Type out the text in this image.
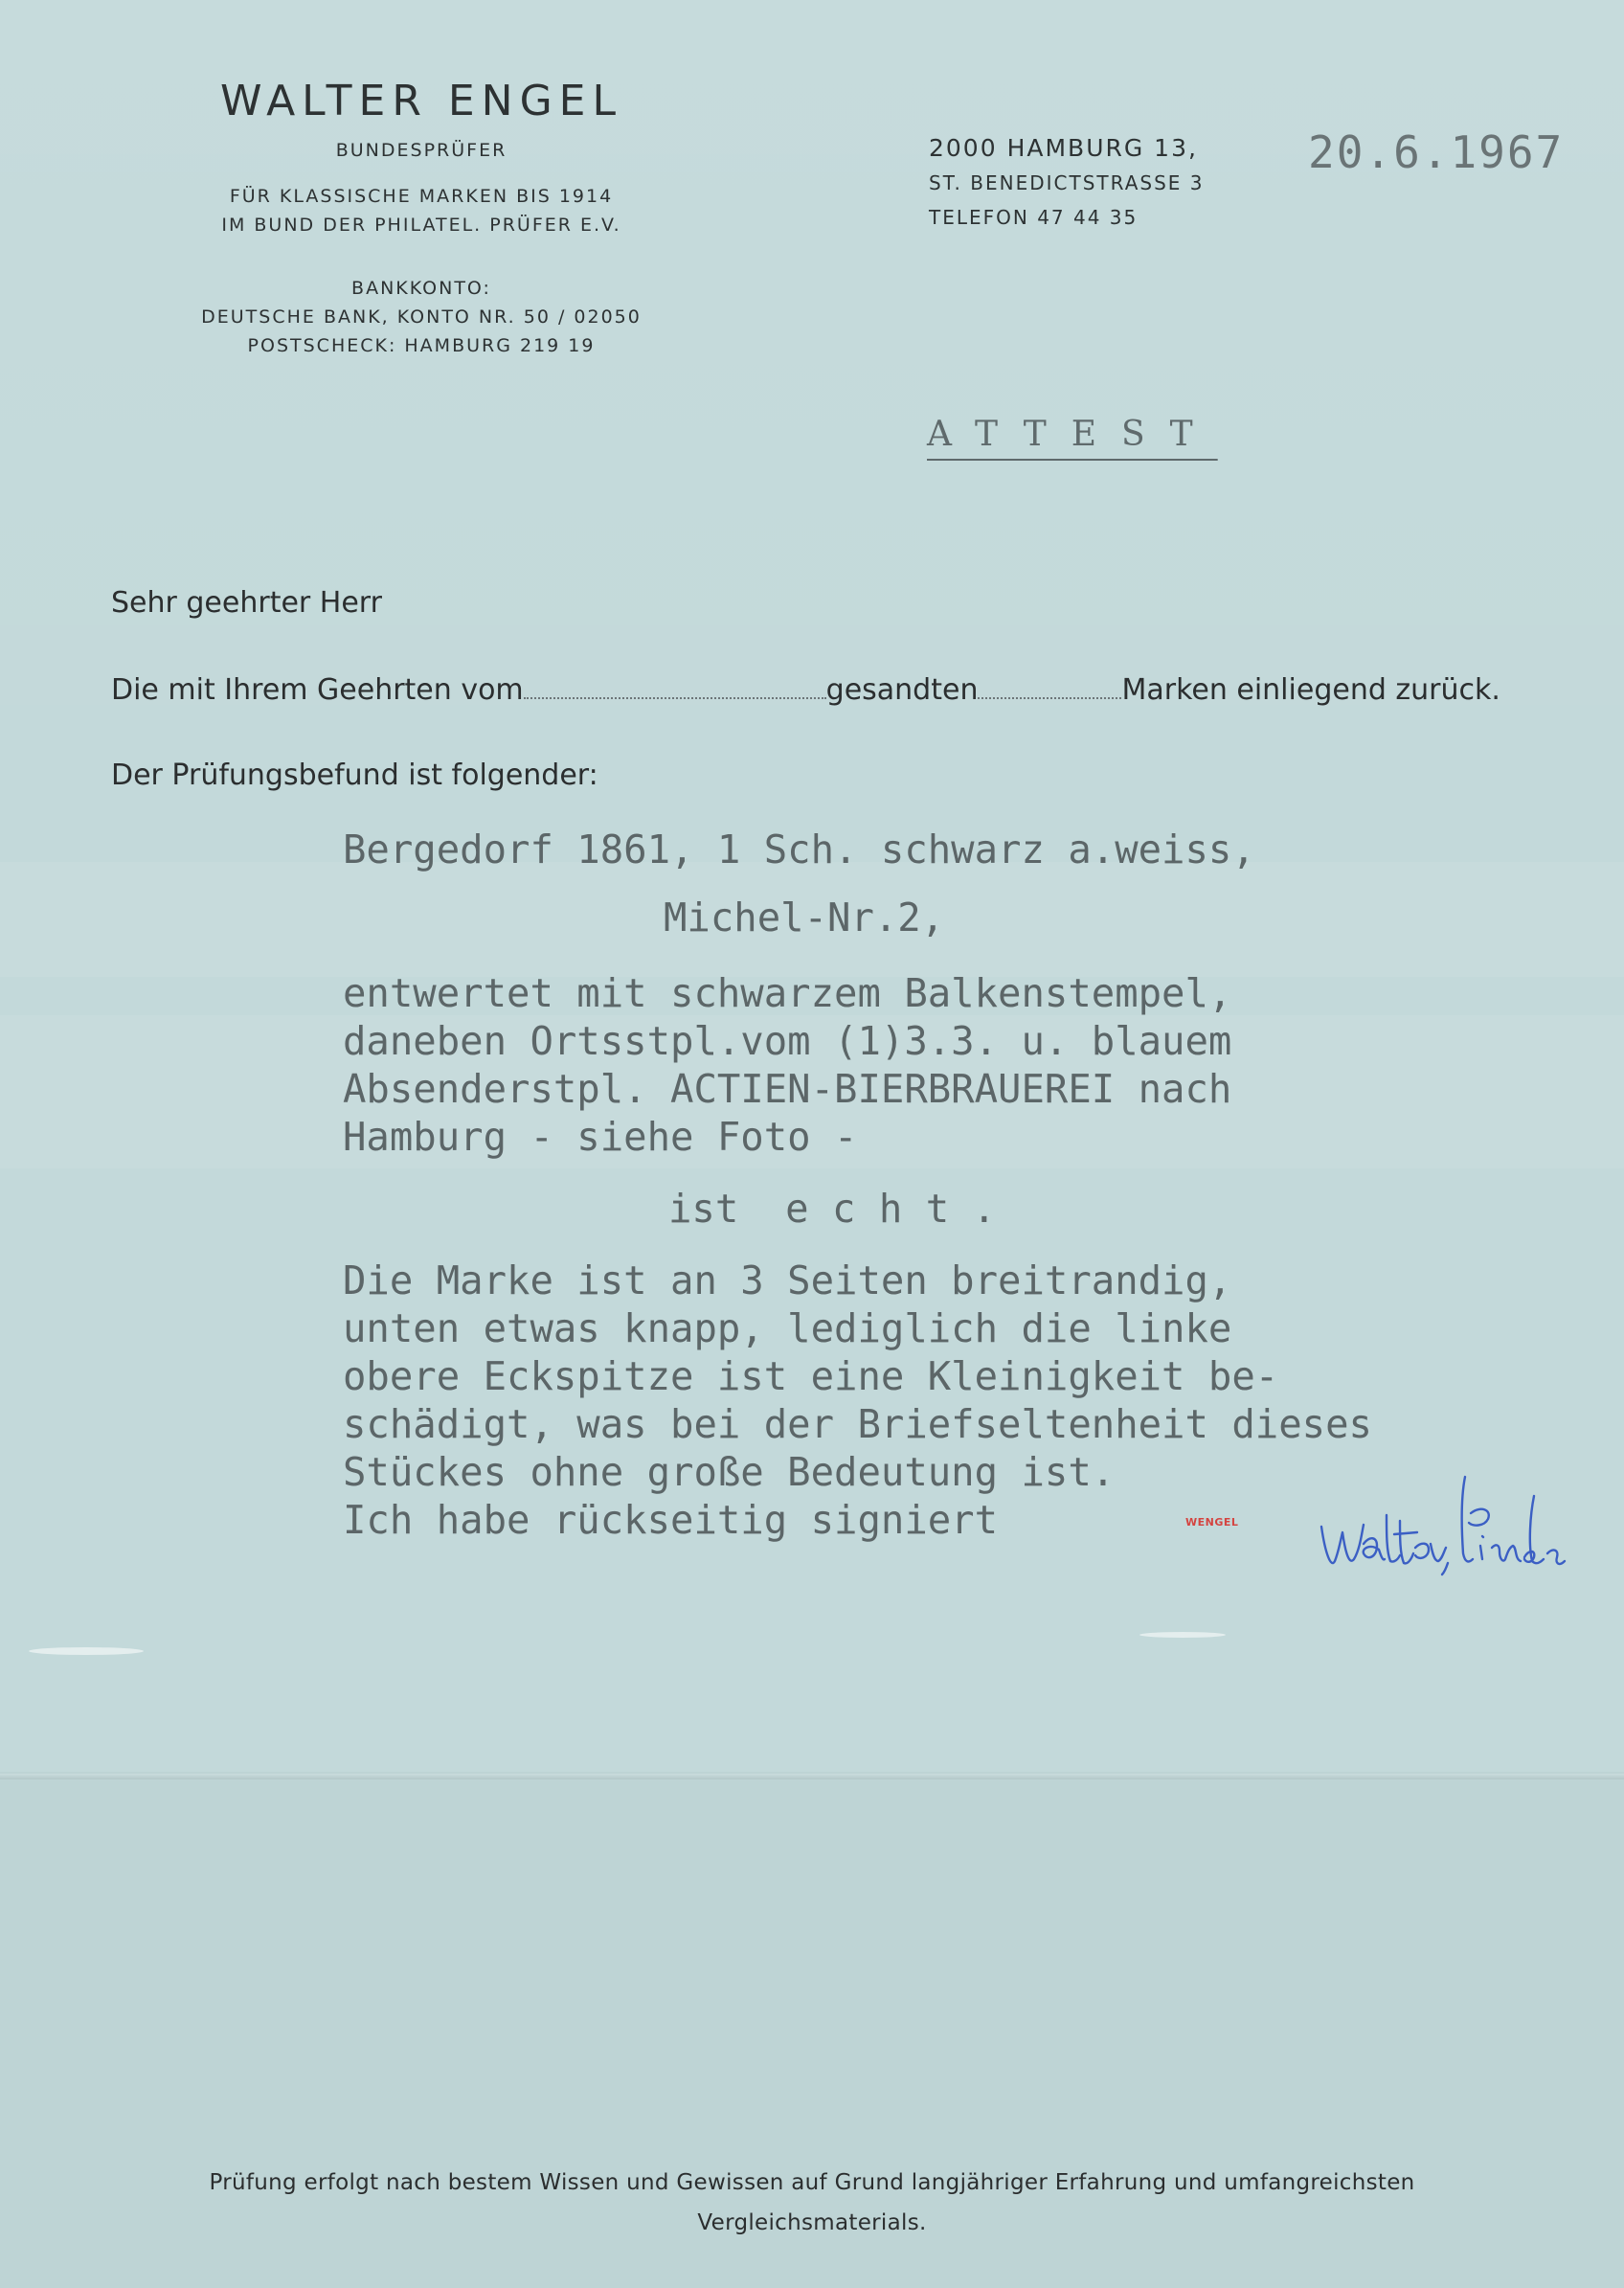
WALTER ENGEL

BUNDESPRÜFER

FÜR KLASSISCHE MARKEN BIS 1914

IM BUND DER PHILATEL. PRÜFER E.V.

BANKKONTO:

DEUTSCHE BANK, KONTO NR. 50 / 02050

POSTSCHECK: HAMBURG 219 19

2000 HAMBURG 13,
ST. BENEDICTSTRASSE 3
TELEFON 47 44 35
20.6.1967
ATTEST
Sehr geehrter Herr
Die mit Ihrem Geehrten vom	gesandten	Marken einliegend zurück.
Der Prüfungsbefund ist folgender:
Bergedorf 1861, 1 Sch. schwarz a.weiss,
Michel-Nr.2,
entwertet mit schwarzem Balkenstempel,
daneben Ortsstpl.vom (1)3.3. u. blauem
Absenderstpl. ACTIEN-BIERBRAUEREI nach
Hamburg - siehe Foto -
ist  e c h t .
Die Marke ist an 3 Seiten breitrandig,
unten etwas knapp, lediglich die linke
obere Eckspitze ist eine Kleinigkeit be-
schädigt, was bei der Briefseltenheit dieses
Stückes ohne große Bedeutung ist.
Ich habe rückseitig signiert	WENGEL
Prüfung erfolgt nach bestem Wissen und Gewissen auf Grund langjähriger Erfahrung und umfangreichsten
Vergleichsmaterials.
